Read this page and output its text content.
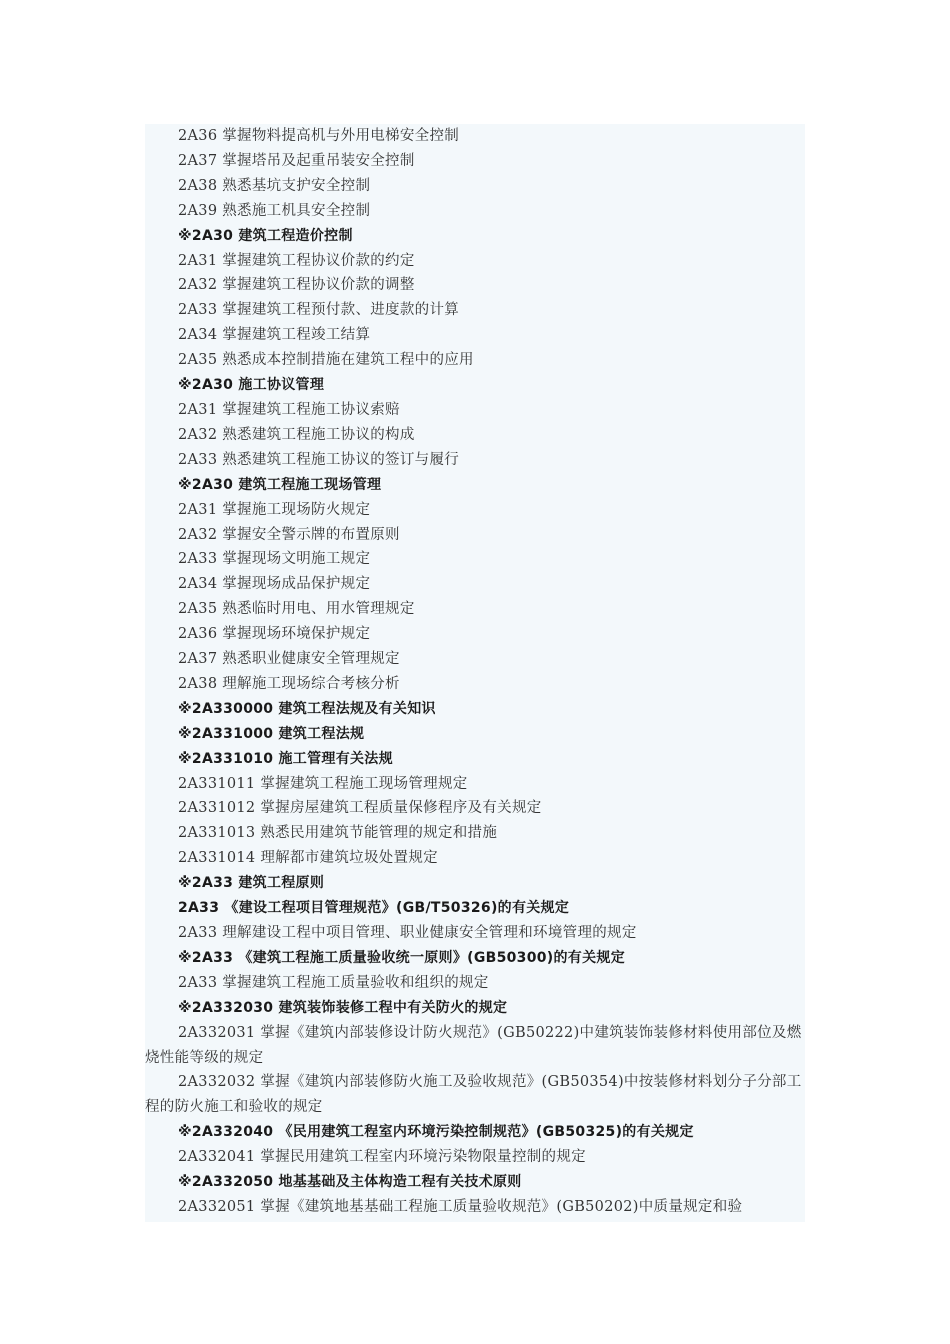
2A36 掌握物料提高机与外用电梯安全控制
2A37 掌握塔吊及起重吊装安全控制
2A38 熟悉基坑支护安全控制
2A39 熟悉施工机具安全控制
※2A30 建筑工程造价控制
2A31 掌握建筑工程协议价款的约定
2A32 掌握建筑工程协议价款的调整
2A33 掌握建筑工程预付款、进度款的计算
2A34 掌握建筑工程竣工结算
2A35 熟悉成本控制措施在建筑工程中的应用
※2A30 施工协议管理
2A31 掌握建筑工程施工协议索赔
2A32 熟悉建筑工程施工协议的构成
2A33 熟悉建筑工程施工协议的签订与履行
※2A30 建筑工程施工现场管理
2A31 掌握施工现场防火规定
2A32 掌握安全警示牌的布置原则
2A33 掌握现场文明施工规定
2A34 掌握现场成品保护规定
2A35 熟悉临时用电、用水管理规定
2A36 掌握现场环境保护规定
2A37 熟悉职业健康安全管理规定
2A38 理解施工现场综合考核分析
※2A330000 建筑工程法规及有关知识
※2A331000 建筑工程法规
※2A331010 施工管理有关法规
2A331011 掌握建筑工程施工现场管理规定
2A331012 掌握房屋建筑工程质量保修程序及有关规定
2A331013 熟悉民用建筑节能管理的规定和措施
2A331014 理解都市建筑垃圾处置规定
※2A33 建筑工程原则
2A33 《建设工程项目管理规范》(GB/T50326)的有关规定
2A33 理解建设工程中项目管理、职业健康安全管理和环境管理的规定
※2A33 《建筑工程施工质量验收统一原则》(GB50300)的有关规定
2A33 掌握建筑工程施工质量验收和组织的规定
※2A332030 建筑装饰装修工程中有关防火的规定
2A332031 掌握《建筑内部装修设计防火规范》(GB50222)中建筑装饰装修材料使用部位及燃烧性能等级的规定
2A332032 掌握《建筑内部装修防火施工及验收规范》(GB50354)中按装修材料划分子分部工程的防火施工和验收的规定
※2A332040 《民用建筑工程室内环境污染控制规范》(GB50325)的有关规定
2A332041 掌握民用建筑工程室内环境污染物限量控制的规定
※2A332050 地基基础及主体构造工程有关技术原则
2A332051 掌握《建筑地基基础工程施工质量验收规范》(GB50202)中质量规定和验
